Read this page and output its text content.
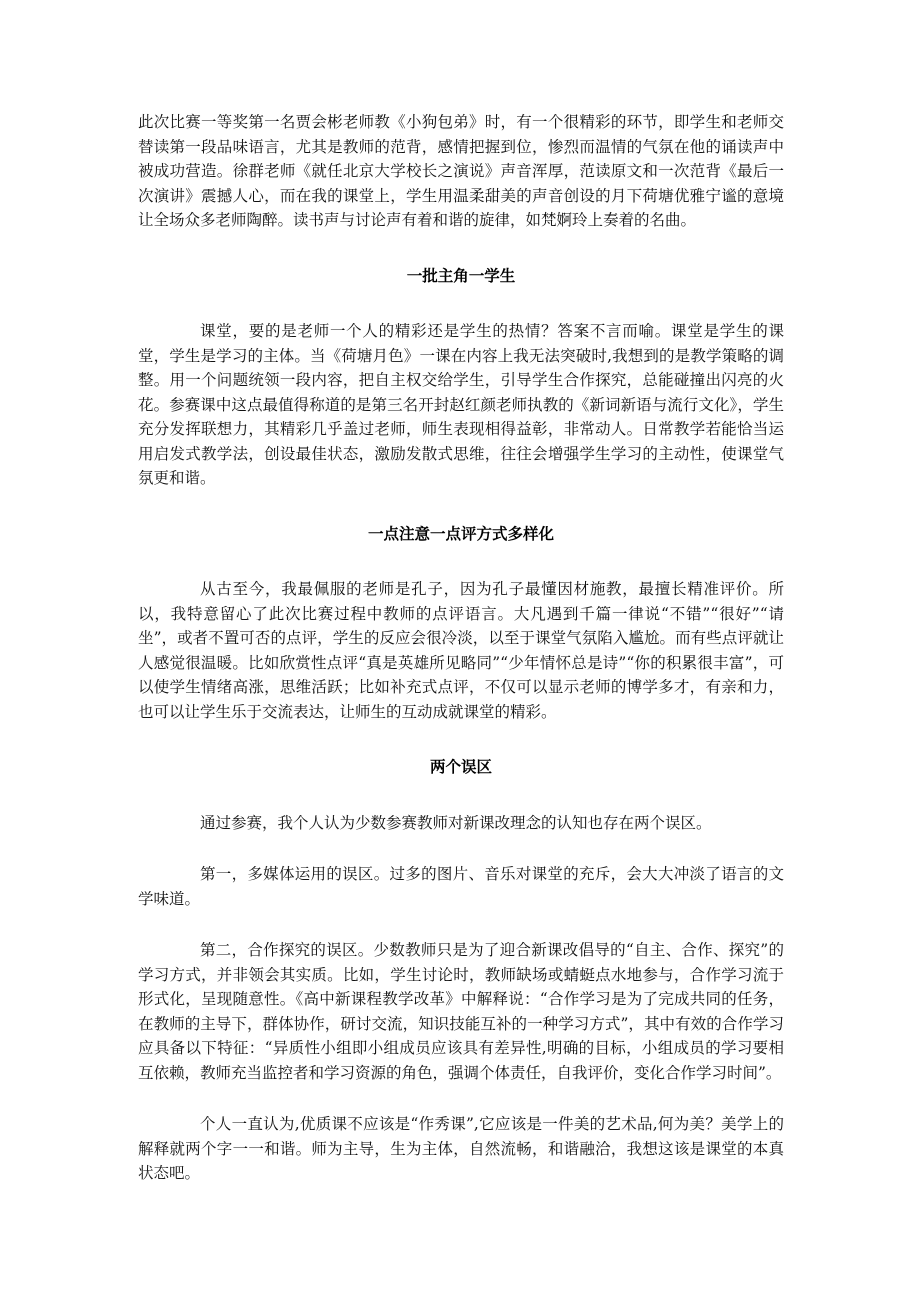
此次比赛一等奖第一名贾会彬老师教《小狗包弟》时，有一个很精彩的环节，即学生和老师交替读第一段品味语言，尤其是教师的范背，感情把握到位，惨烈而温情的气氛在他的诵读声中被成功营造。徐群老师《就任北京大学校长之演说》声音浑厚，范读原文和一次范背《最后一次演讲》震撼人心，而在我的课堂上，学生用温柔甜美的声音创设的月下荷塘优雅宁谧的意境让全场众多老师陶醉。读书声与讨论声有着和谐的旋律，如梵婀玲上奏着的名曲。

一批主角一学生

课堂，要的是老师一个人的精彩还是学生的热情？答案不言而喻。课堂是学生的课堂，学生是学习的主体。当《荷塘月色》一课在内容上我无法突破时,我想到的是教学策略的调整。用一个问题统领一段内容，把自主权交给学生，引导学生合作探究，总能碰撞出闪亮的火花。参赛课中这点最值得称道的是第三名开封赵红颜老师执教的《新词新语与流行文化》，学生充分发挥联想力，其精彩几乎盖过老师，师生表现相得益彰，非常动人。日常教学若能恰当运用启发式教学法，创设最佳状态，激励发散式思维，往往会增强学生学习的主动性，使课堂气氛更和谐。

一点注意一点评方式多样化

从古至今，我最佩服的老师是孔子，因为孔子最懂因材施教，最擅长精准评价。所以，我特意留心了此次比赛过程中教师的点评语言。大凡遇到千篇一律说“不错”“很好”“请坐”，或者不置可否的点评，学生的反应会很冷淡，以至于课堂气氛陷入尴尬。而有些点评就让人感觉很温暖。比如欣赏性点评“真是英雄所见略同”“少年情怀总是诗”“你的积累很丰富”，可以使学生情绪高涨，思维活跃；比如补充式点评，不仅可以显示老师的博学多才，有亲和力，也可以让学生乐于交流表达，让师生的互动成就课堂的精彩。

两个误区

通过参赛，我个人认为少数参赛教师对新课改理念的认知也存在两个误区。

第一，多媒体运用的误区。过多的图片、音乐对课堂的充斥，会大大冲淡了语言的文学味道。

第二，合作探究的误区。少数教师只是为了迎合新课改倡导的“自主、合作、探究”的学习方式，并非领会其实质。比如，学生讨论时，教师缺场或蜻蜓点水地参与，合作学习流于形式化，呈现随意性。《高中新课程教学改革》中解释说：“合作学习是为了完成共同的任务，在教师的主导下，群体协作，研讨交流，知识技能互补的一种学习方式”，其中有效的合作学习应具备以下特征：“异质性小组即小组成员应该具有差异性,明确的目标，小组成员的学习要相互依赖，教师充当监控者和学习资源的角色，强调个体责任，自我评价，变化合作学习时间”。

个人一直认为,优质课不应该是“作秀课”,它应该是一件美的艺术品,何为美？美学上的解释就两个字一一和谐。师为主导，生为主体，自然流畅，和谐融洽，我想这该是课堂的本真状态吧。
